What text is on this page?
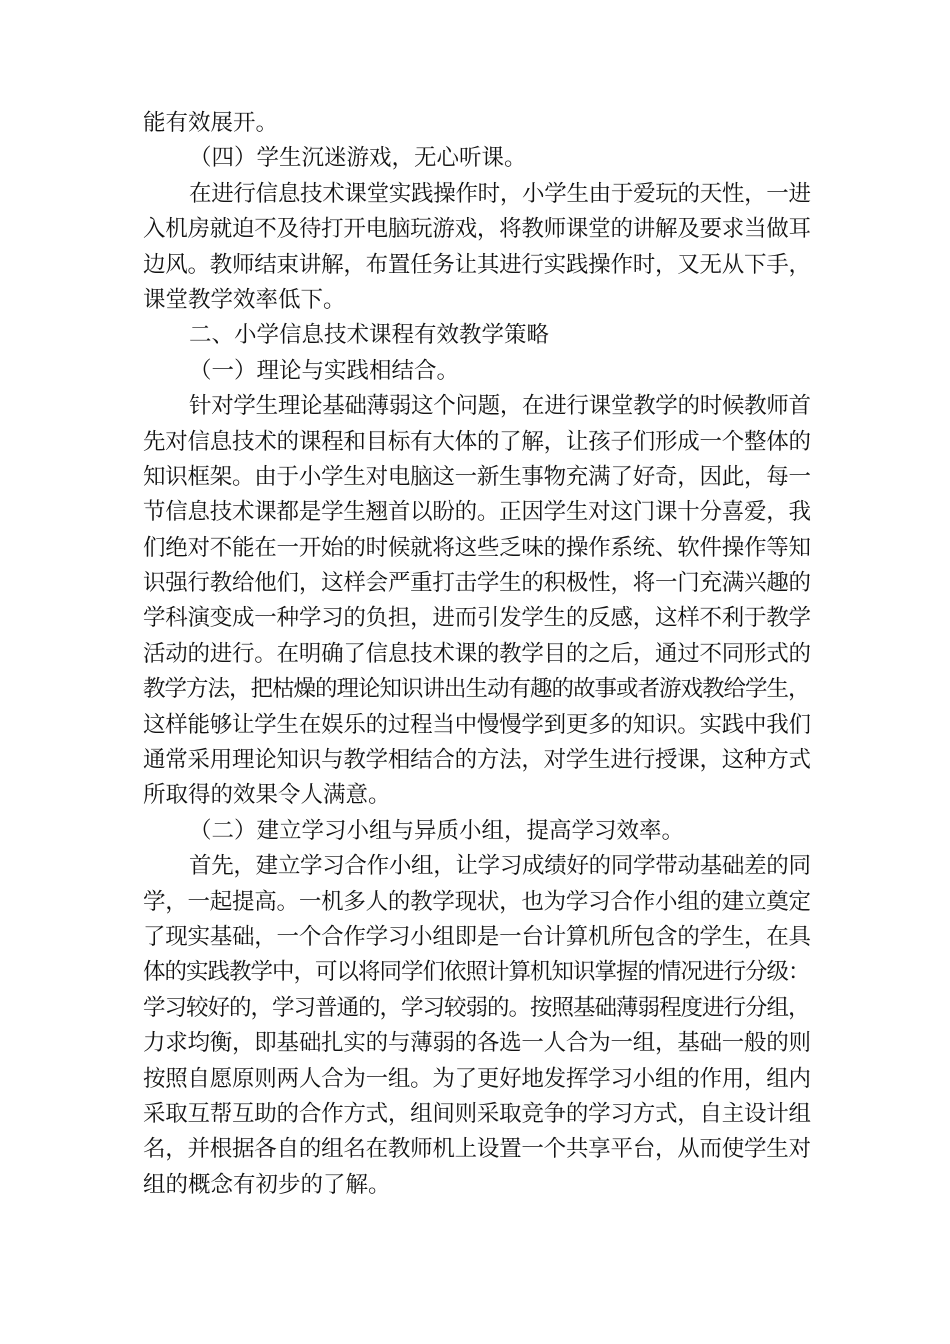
能有效展开。
（四）学生沉迷游戏，无心听课。
在进行信息技术课堂实践操作时，小学生由于爱玩的天性，一进
入机房就迫不及待打开电脑玩游戏，将教师课堂的讲解及要求当做耳
边风。教师结束讲解，布置任务让其进行实践操作时，又无从下手，
课堂教学效率低下。
二、小学信息技术课程有效教学策略
（一）理论与实践相结合。
针对学生理论基础薄弱这个问题，在进行课堂教学的时候教师首
先对信息技术的课程和目标有大体的了解，让孩子们形成一个整体的
知识框架。由于小学生对电脑这一新生事物充满了好奇，因此，每一
节信息技术课都是学生翘首以盼的。正因学生对这门课十分喜爱，我
们绝对不能在一开始的时候就将这些乏味的操作系统、软件操作等知
识强行教给他们，这样会严重打击学生的积极性，将一门充满兴趣的
学科演变成一种学习的负担，进而引发学生的反感，这样不利于教学
活动的进行。在明确了信息技术课的教学目的之后，通过不同形式的
教学方法，把枯燥的理论知识讲出生动有趣的故事或者游戏教给学生，
这样能够让学生在娱乐的过程当中慢慢学到更多的知识。实践中我们
通常采用理论知识与教学相结合的方法，对学生进行授课，这种方式
所取得的效果令人满意。
（二）建立学习小组与异质小组，提高学习效率。
首先，建立学习合作小组，让学习成绩好的同学带动基础差的同
学，一起提高。一机多人的教学现状，也为学习合作小组的建立奠定
了现实基础，一个合作学习小组即是一台计算机所包含的学生，在具
体的实践教学中，可以将同学们依照计算机知识掌握的情况进行分级：
学习较好的，学习普通的，学习较弱的。按照基础薄弱程度进行分组，
力求均衡，即基础扎实的与薄弱的各选一人合为一组，基础一般的则
按照自愿原则两人合为一组。为了更好地发挥学习小组的作用，组内
采取互帮互助的合作方式，组间则采取竞争的学习方式，自主设计组
名，并根据各自的组名在教师机上设置一个共享平台，从而使学生对
组的概念有初步的了解。
